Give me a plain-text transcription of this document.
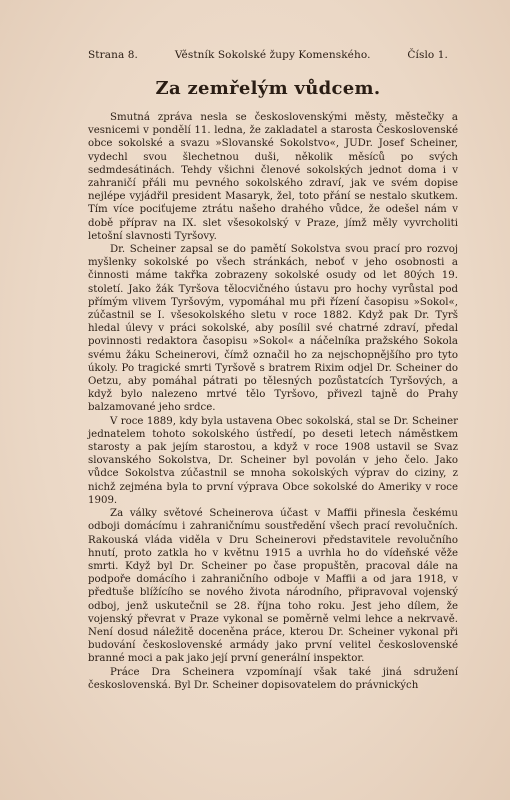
Strana 8.	Věstník Sokolské župy Komenského.	Číslo 1.
Za zemřelým vůdcem.

Smutná zpráva nesla se československými městy, městečky a vesnicemi v pondělí 11. ledna, že zakladatel a starosta Československé obce sokolské a svazu »Slovanské Sokolstvo«, JUDr. Josef Scheiner, vydechl svou šlechetnou duši, několik měsíců po svých sedmdesátinách. Tehdy všichni členové sokolských jednot doma i v zahraničí přáli mu pevného sokolského zdraví, jak ve svém dopise nejlépe vyjádřil president Masaryk, žel, toto přání se nestalo skutkem. Tím více pociťujeme ztrátu našeho drahého vůdce, že odešel nám v době příprav na IX. slet všesokolský v Praze, jímž měly vyvrcholiti letošní slavnosti Tyršovy.

Dr. Scheiner zapsal se do pamětí Sokolstva svou prací pro rozvoj myšlenky sokolské po všech stránkách, neboť v jeho osobnosti a činnosti máme takřka zobrazeny sokolské osudy od let 80ých 19. století. Jako žák Tyršova tělocvičného ústavu pro hochy vyrůstal pod přímým vlivem Tyršovým, vypomáhal mu při řízení časopisu »Sokol«, zúčastnil se I. všesokolského sletu v roce 1882. Když pak Dr. Tyrš hledal úlevy v práci sokolské, aby posílil své chatrné zdraví, předal povinnosti redaktora časopisu »Sokol« a náčelníka pražského Sokola svému žáku Scheinerovi, čímž označil ho za nejschopnějšího pro tyto úkoly. Po tragické smrti Tyršově s bratrem Rixim odjel Dr. Scheiner do Oetzu, aby pomáhal pátrati po tělesných pozůstatcích Tyršových, a když bylo nalezeno mrtvé tělo Tyršovo, přivezl tajně do Prahy balzamované jeho srdce.

V roce 1889, kdy byla ustavena Obec sokolská, stal se Dr. Scheiner jednatelem tohoto sokolského ústředí, po deseti letech náměstkem starosty a pak jejím starostou, a když v roce 1908 ustavil se Svaz slovanského Sokolstva, Dr. Scheiner byl povolán v jeho čelo. Jako vůdce Sokolstva zúčastnil se mnoha sokolských výprav do ciziny, z nichž zejména byla to první výprava Obce sokolské do Ameriky v roce 1909.

Za války světové Scheinerova účast v Maffii přinesla českému odboji domácímu i zahraničnímu soustředění všech prací revolučních. Rakouská vláda viděla v Dru Scheinerovi představitele revolučního hnutí, proto zatkla ho v květnu 1915 a uvrhla ho do vídeňské věže smrti. Když byl Dr. Scheiner po čase propuštěn, pracoval dále na podpoře domácího i zahraničního odboje v Maffii a od jara 1918, v předtuše blížícího se nového života národního, připravoval vojenský odboj, jenž uskutečnil se 28. října toho roku. Jest jeho dílem, že vojenský převrat v Praze vykonal se poměrně velmi lehce a nekrvavě. Není dosud náležitě doceněna práce, kterou Dr. Scheiner vykonal při budování československé armády jako první velitel československé branné moci a pak jako její první generální inspektor.

Práce Dra Scheinera vzpomínají však také jiná sdružení československá. Byl Dr. Scheiner dopisovatelem do právnických
